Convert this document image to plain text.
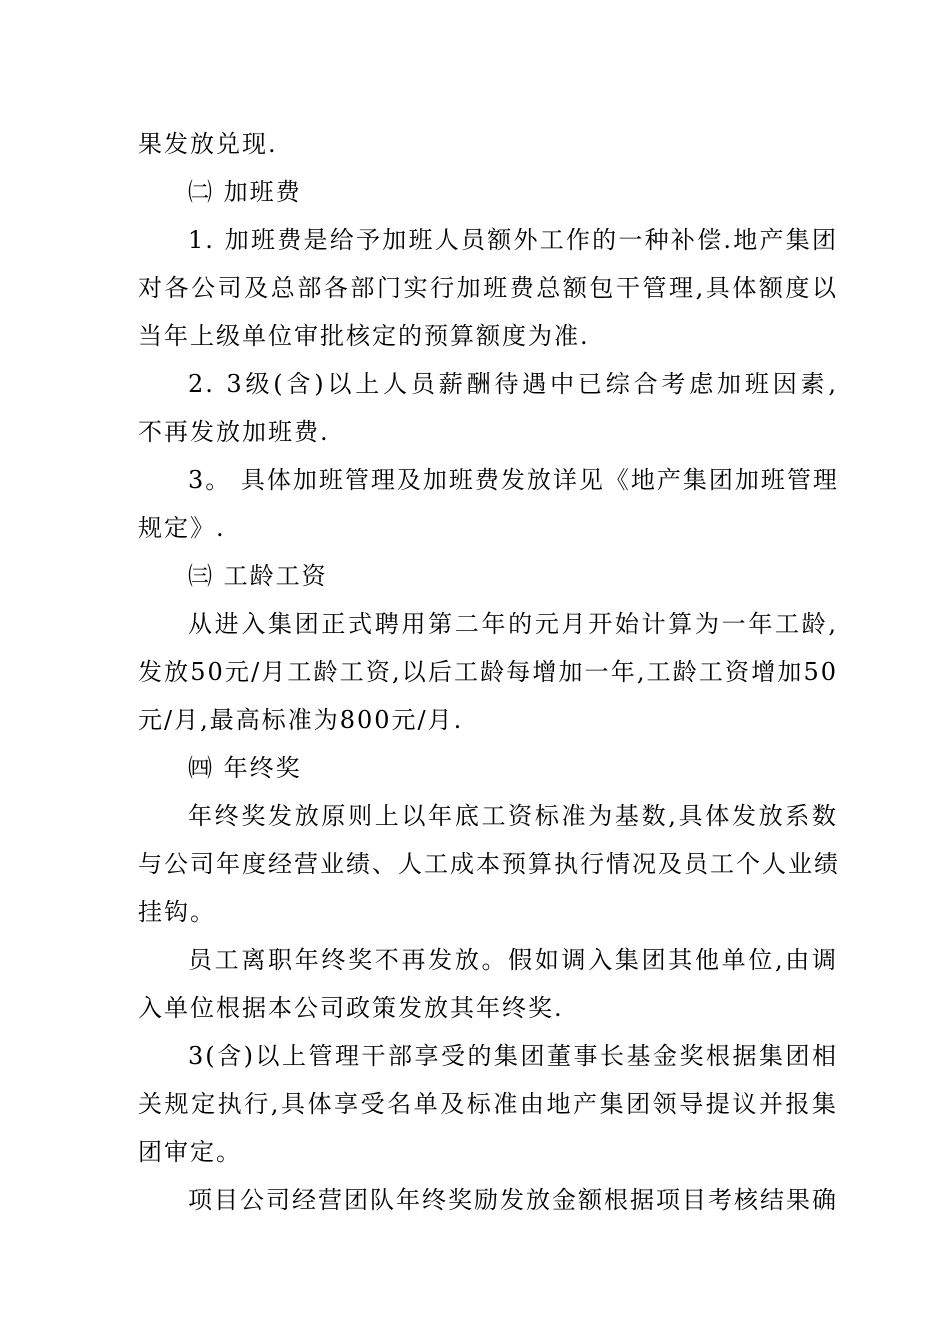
果发放兑现.
㈡ 加班费
1. 加班费是给予加班人员额外工作的一种补偿.地产集团
对各公司及总部各部门实行加班费总额包干管理,具体额度以
当年上级单位审批核定的预算额度为准.
2. 3级(含)以上人员薪酬待遇中已综合考虑加班因素,
不再发放加班费.
3。 具体加班管理及加班费发放详见《地产集团加班管理
规定》.
㈢ 工龄工资
从进入集团正式聘用第二年的元月开始计算为一年工龄,
发放50元/月工龄工资,以后工龄每增加一年,工龄工资增加50
元/月,最高标准为800元/月.
㈣ 年终奖
年终奖发放原则上以年底工资标准为基数,具体发放系数
与公司年度经营业绩、人工成本预算执行情况及员工个人业绩
挂钩。
员工离职年终奖不再发放。假如调入集团其他单位,由调
入单位根据本公司政策发放其年终奖.
3(含)以上管理干部享受的集团董事长基金奖根据集团相
关规定执行,具体享受名单及标准由地产集团领导提议并报集
团审定。
项目公司经营团队年终奖励发放金额根据项目考核结果确
